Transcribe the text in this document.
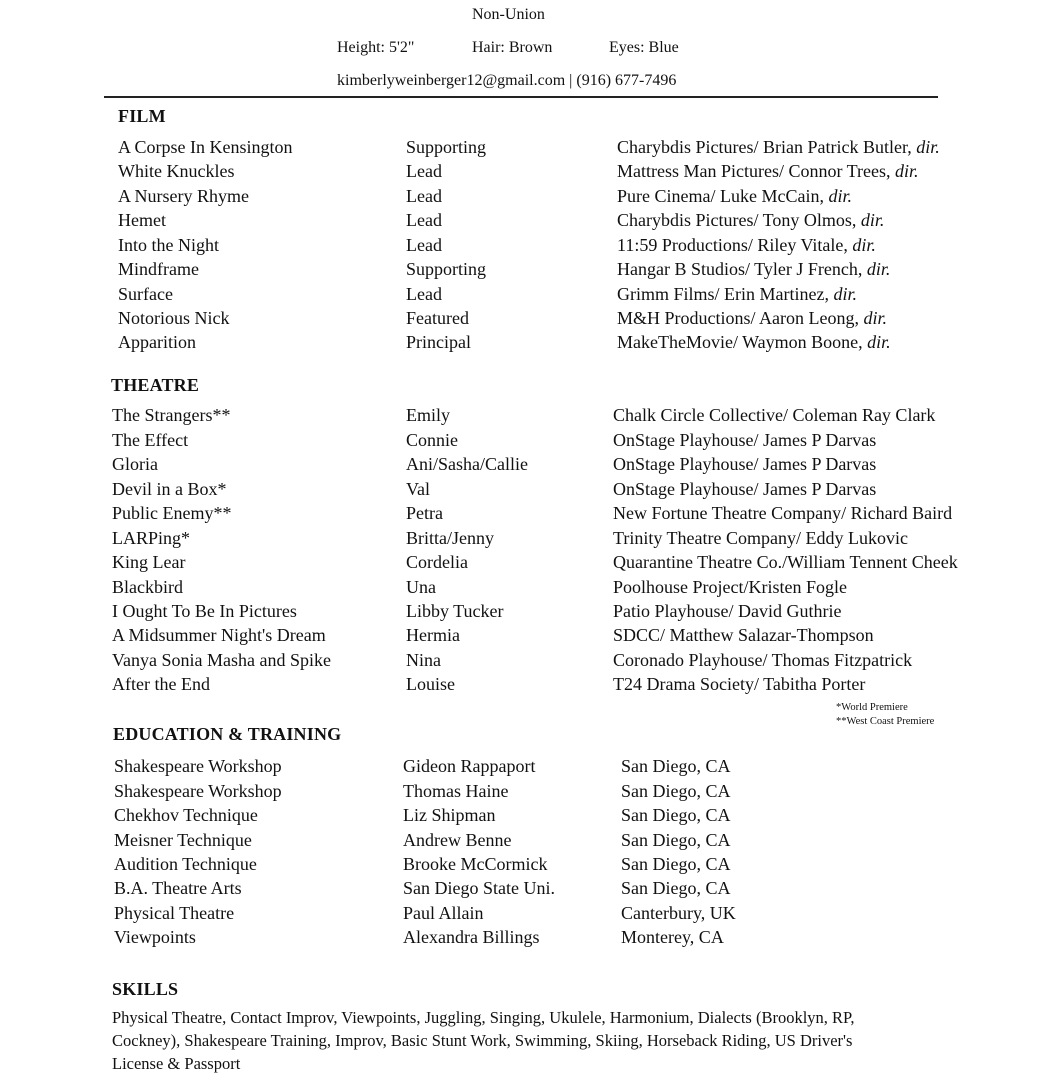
Non-Union
Height: 5'2"	Hair: Brown	Eyes: Blue
kimberlyweinberger12@gmail.com | (916) 677-7496
FILM
A Corpse In Kensington	Supporting	Charybdis Pictures/ Brian Patrick Butler, dir.
White Knuckles	Lead	Mattress Man Pictures/ Connor Trees, dir.
A Nursery Rhyme	Lead	Pure Cinema/ Luke McCain, dir.
Hemet	Lead	Charybdis Pictures/ Tony Olmos, dir.
Into the Night	Lead	11:59 Productions/ Riley Vitale, dir.
Mindframe	Supporting	Hangar B Studios/ Tyler J French, dir.
Surface	Lead	Grimm Films/ Erin Martinez, dir.
Notorious Nick	Featured	M&H Productions/ Aaron Leong, dir.
Apparition	Principal	MakeTheMovie/ Waymon Boone, dir.
THEATRE
The Strangers**	Emily	Chalk Circle Collective/ Coleman Ray Clark
The Effect	Connie	OnStage Playhouse/ James P Darvas
Gloria	Ani/Sasha/Callie	OnStage Playhouse/ James P Darvas
Devil in a Box*	Val	OnStage Playhouse/ James P Darvas
Public Enemy**	Petra	New Fortune Theatre Company/ Richard Baird
LARPing*	Britta/Jenny	Trinity Theatre Company/ Eddy Lukovic
King Lear	Cordelia	Quarantine Theatre Co./William Tennent Cheek
Blackbird	Una	Poolhouse Project/Kristen Fogle
I Ought To Be In Pictures	Libby Tucker	Patio Playhouse/ David Guthrie
A Midsummer Night's Dream	Hermia	SDCC/ Matthew Salazar-Thompson
Vanya Sonia Masha and Spike	Nina	Coronado Playhouse/ Thomas Fitzpatrick
After the End	Louise	T24 Drama Society/ Tabitha Porter
*World Premiere
**West Coast Premiere
EDUCATION & TRAINING
Shakespeare Workshop	Gideon Rappaport	San Diego, CA
Shakespeare Workshop	Thomas Haine	San Diego, CA
Chekhov Technique	Liz Shipman	San Diego, CA
Meisner Technique	Andrew Benne	San Diego, CA
Audition Technique	Brooke McCormick	San Diego, CA
B.A. Theatre Arts	San Diego State Uni.	San Diego, CA
Physical Theatre	Paul Allain	Canterbury, UK
Viewpoints	Alexandra Billings	Monterey, CA
SKILLS
Physical Theatre, Contact Improv, Viewpoints, Juggling, Singing, Ukulele, Harmonium, Dialects (Brooklyn, RP, Cockney), Shakespeare Training, Improv, Basic Stunt Work, Swimming, Skiing, Horseback Riding, US Driver's License & Passport
